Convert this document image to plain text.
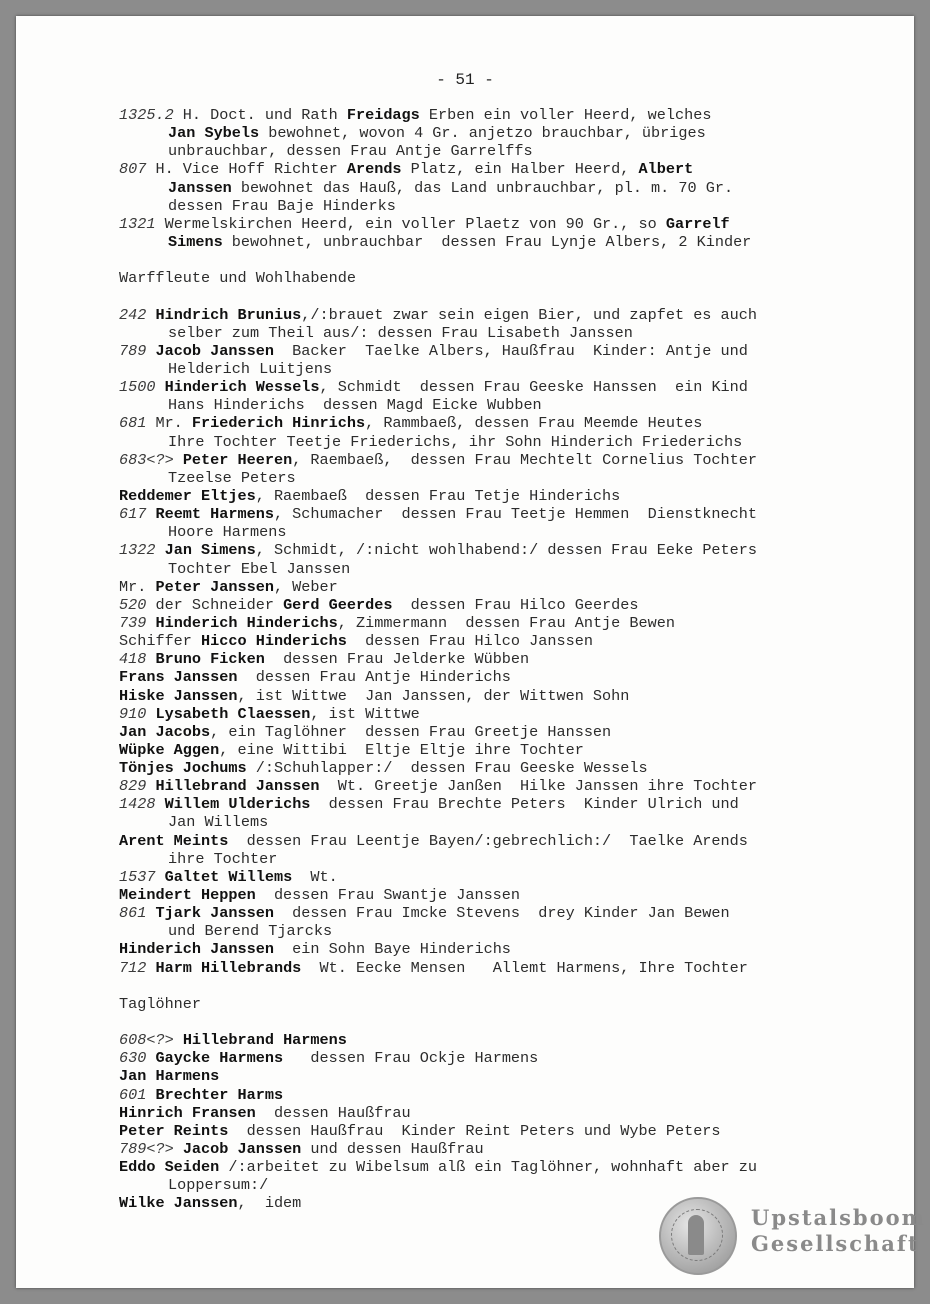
- 51 -
1325.2 H. Doct. und Rath Freidags Erben ein voller Heerd, welches
Jan Sybels bewohnet, wovon 4 Gr. anjetzo brauchbar, übriges
unbrauchbar, dessen Frau Antje Garrelffs
807 H. Vice Hoff Richter Arends Platz, ein Halber Heerd, Albert
Janssen bewohnet das Hauß, das Land unbrauchbar, pl. m. 70 Gr.
dessen Frau Baje Hinderks
1321 Wermelskirchen Heerd, ein voller Plaetz von 90 Gr., so Garrelf
Simens bewohnet, unbrauchbar  dessen Frau Lynje Albers, 2 Kinder
Warffleute und Wohlhabende
242 Hindrich Brunius,/:brauet zwar sein eigen Bier, und zapfet es auch
selber zum Theil aus/: dessen Frau Lisabeth Janssen
789 Jacob Janssen  Backer  Taelke Albers, Haußfrau  Kinder: Antje und
Helderich Luitjens
1500 Hinderich Wessels, Schmidt  dessen Frau Geeske Hanssen  ein Kind
Hans Hinderichs  dessen Magd Eicke Wubben
681 Mr. Friederich Hinrichs, Rammbaeß, dessen Frau Meemde Heutes
Ihre Tochter Teetje Friederichs, ihr Sohn Hinderich Friederichs
683<?> Peter Heeren, Raembaeß,  dessen Frau Mechtelt Cornelius Tochter
Tzeelse Peters
Reddemer Eltjes, Raembaeß  dessen Frau Tetje Hinderichs
617 Reemt Harmens, Schumacher  dessen Frau Teetje Hemmen  Dienstknecht
Hoore Harmens
1322 Jan Simens, Schmidt, /:nicht wohlhabend:/ dessen Frau Eeke Peters
Tochter Ebel Janssen
Mr. Peter Janssen, Weber
520 der Schneider Gerd Geerdes  dessen Frau Hilco Geerdes
739 Hinderich Hinderichs, Zimmermann  dessen Frau Antje Bewen
Schiffer Hicco Hinderichs  dessen Frau Hilco Janssen
418 Bruno Ficken  dessen Frau Jelderke Wübben
Frans Janssen  dessen Frau Antje Hinderichs
Hiske Janssen, ist Wittwe  Jan Janssen, der Wittwen Sohn
910 Lysabeth Claessen, ist Wittwe
Jan Jacobs, ein Taglöhner  dessen Frau Greetje Hanssen
Wüpke Aggen, eine Wittibi  Eltje Eltje ihre Tochter
Tönjes Jochums /:Schuhlapper:/  dessen Frau Geeske Wessels
829 Hillebrand Janssen  Wt. Greetje Janßen  Hilke Janssen ihre Tochter
1428 Willem Ulderichs  dessen Frau Brechte Peters  Kinder Ulrich und
Jan Willems
Arent Meints  dessen Frau Leentje Bayen/:gebrechlich:/  Taelke Arends
ihre Tochter
1537 Galtet Willems  Wt.
Meindert Heppen  dessen Frau Swantje Janssen
861 Tjark Janssen  dessen Frau Imcke Stevens  drey Kinder Jan Bewen
und Berend Tjarcks
Hinderich Janssen  ein Sohn Baye Hinderichs
712 Harm Hillebrands  Wt. Eecke Mensen   Allemt Harmens, Ihre Tochter
Taglöhner
608<?> Hillebrand Harmens
630 Gaycke Harmens   dessen Frau Ockje Harmens
Jan Harmens
601 Brechter Harms
Hinrich Fransen  dessen Haußfrau
Peter Reints  dessen Haußfrau  Kinder Reint Peters und Wybe Peters
789<?> Jacob Janssen und dessen Haußfrau
Eddo Seiden /:arbeitet zu Wibelsum alß ein Taglöhner, wohnhaft aber zu
Loppersum:/
Wilke Janssen,  idem
Upstalsboom
Gesellschaft
